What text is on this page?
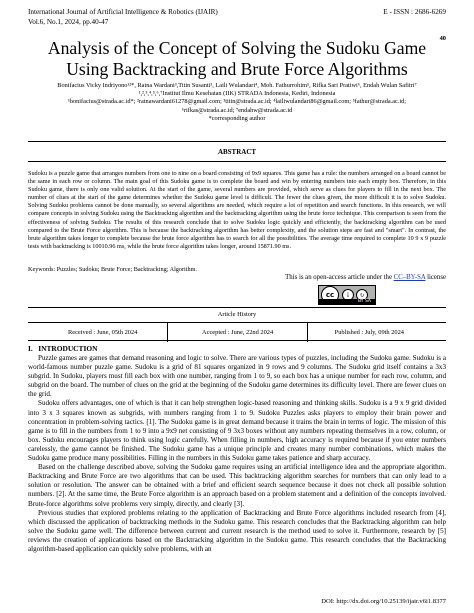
International Journal of Artificial Intelligence & Robotics (IJAIR)
Vol.6, No.1, 2024, pp.40-47
E - ISSN : 2686-6269
40
Analysis of the Concept of Solving the Sudoku Game
Using Backtracking and Brute Force Algorithms
Bonifacius Vicky Indriyono¹²*, Ratna Wardani³,Titin Susanti³, Laili Wulandari⁴, Moh. Fathurrohim⁵, Rifka Sari Pratiwi⁶, Endah Wulan Safitri⁷
¹,²,³,⁴,⁵,⁶,⁷Institut Ilmu Kesehatan (IIK) STRADA Indonesia, Kediri, Indonesia
¹bonifacius@strada.ac.id*; ²ratnawardani61278@gmail.com; ³titin@strada.ac.id; ⁴lailiwulandari86@gmail.com; ⁵fathur@strada.ac.id;
⁶rifkas@strada.ac.id; ⁷endahw@strada.ac.id
*corresponding author
ABSTRACT
Sudoku is a puzzle game that arranges numbers from one to nine on a board consisting of 9x9 squares. This game has a rule: the numbers arranged on a board cannot be the same in each row or column. The main goal of this Sudoku game is to complete the board and win by entering numbers into each empty box. Therefore, in this Sudoku game, there is only one valid solution. At the start of the game, several numbers are provided, which serve as clues for players to fill in the next box. The number of clues at the start of the game determines whether the Sudoku game level is difficult. The fewer the clues given, the more difficult it is to solve Sudoku. Solving Sudoku problems cannot be done manually, so several algorithms are needed, which require a lot of repetition and search functions. In this research, we will compare concepts in solving Sudoku using the Backtracking algorithm and the backtracking algorithm using the brute force technique. This comparison is seen from the effectiveness of solving Sudoku. The results of this research conclude that to solve Sudoku logic quickly and efficiently, the backtracking algorithm can be used compared to the Brute Force algorithm. This is because the backtracking algorithm has better complexity, and the solution steps are fast and "smart". In contrast, the brute algorithm takes longer to complete because the brute force algorithm has to search for all the possibilities. The average time required to complete 10 9 x 9 puzzle tests with backtracking is 10010.96 ms, while the brute force algorithm takes longer, around 15871.90 ms.
Keywords: Puzzles; Sudoku; Brute Force; Backtracking; Algorithm.
This is an open-access article under the CC–BY-SA license
cc	i	↻
BY SA
Article History
Received : June, 05th 2024	Accepted : June, 22nd 2024	Published : July, 09th 2024
I. INTRODUCTION

Puzzle games are games that demand reasoning and logic to solve. There are various types of puzzles, including the Sudoku game. Sudoku is a world-famous number puzzle game. Sudoku is a grid of 81 squares organized in 9 rows and 9 columns. The Sudoku grid itself contains a 3x3 subgrid. In Sudoku, players must fill each box with one number, ranging from 1 to 9, so each box has a unique number for each row, column, and subgrid on the board. The number of clues on the grid at the beginning of the Sudoku game determines its difficulty level. There are fewer clues on the grid.

Sudoku offers advantages, one of which is that it can help strengthen logic-based reasoning and thinking skills. Sudoku is a 9 x 9 grid divided into 3 x 3 squares known as subgrids, with numbers ranging from 1 to 9. Sudoku Puzzles asks players to employ their brain power and concentration in problem-solving tactics. [1]. The Sudoku game is in great demand because it trains the brain in terms of logic. The mission of this game is to fill in the numbers from 1 to 9 into a 9x9 net consisting of 9 3x3 boxes without any numbers repeating themselves in a row, column, or box. Sudoku encourages players to think using logic carefully. When filling in numbers, high accuracy is required because if you enter numbers carelessly, the game cannot be finished. The Sudoku game has a unique principle and creates many number combinations, which makes the Sudoku game produce many possibilities. Filling in the numbers in this Sudoku game takes patience and sharp accuracy.

Based on the challenge described above, solving the Sudoku game requires using an artificial intelligence idea and the appropriate algorithm. Backtracking and Brute Force are two algorithms that can be used. This backtracking algorithm searches for numbers that can only lead to a solution or resolution. The answer can be obtained with a brief and efficient search sequence because it does not check all possible solution numbers. [2]. At the same time, the Brute Force algorithm is an approach based on a problem statement and a definition of the concepts involved. Brute-force algorithms solve problems very simply, directly, and clearly [3].

Previous studies that explored problems relating to the application of Backtracking and Brute Force algorithms included research from [4], which discussed the application of backtracking methods in the Sudoku game. This research concludes that the Backtracking algorithm can help solve the Sudoku game well. The difference between current and current research is the method used to solve it. Furthermore, research by [5] reviews the creation of applications based on the Backtracking algorithm in the Sudoku game. This research concludes that the Backtracking algorithm-based application can quickly solve problems, with an

DOI: http://dx.doi.org/10.25139/ijair.v6i1.8377
